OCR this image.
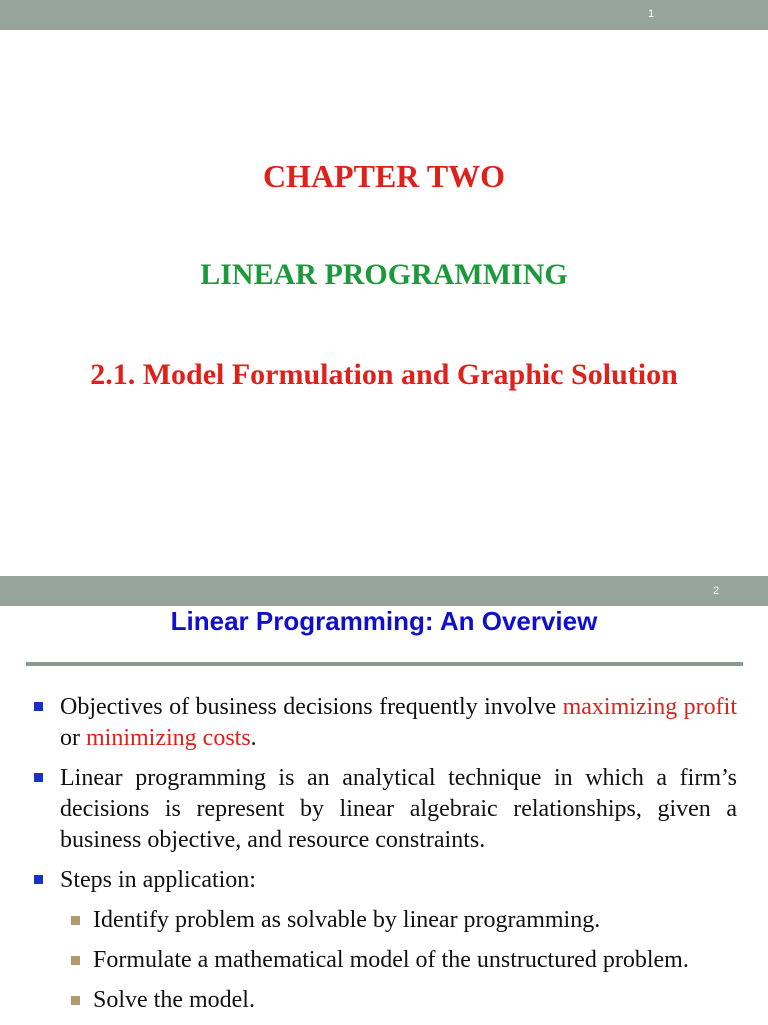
1
CHAPTER TWO
LINEAR PROGRAMMING
2.1. Model Formulation and Graphic Solution
2
Linear Programming: An Overview
Objectives of business decisions frequently involve maximizing profit or minimizing costs.
Linear programming is an analytical technique in which a firm’s decisions is represent by linear algebraic relationships, given a business objective, and resource constraints.
Steps in application:
Identify problem as solvable by linear programming.
Formulate a mathematical model of the unstructured problem.
Solve the model.
